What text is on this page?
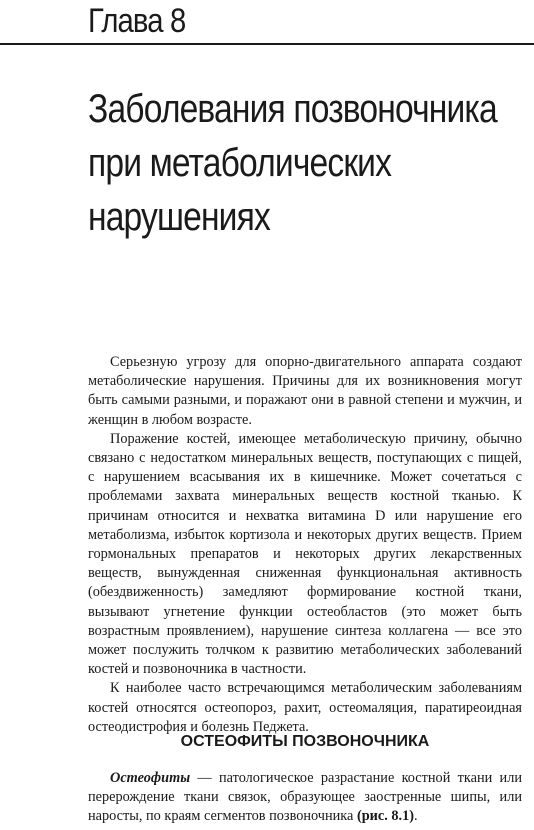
Глава 8
Заболевания позвоночника
при метаболических
нарушениях

Серьезную угрозу для опорно-двигательного аппарата создают метаболические нарушения. Причины для их возникновения могут быть самыми разными, и поражают они в равной степени и мужчин, и женщин в любом возрасте.

Поражение костей, имеющее метаболическую причину, обычно связано с недостатком минеральных веществ, поступающих с пищей, с нарушением всасывания их в кишечнике. Может сочетаться с проблемами захвата минеральных веществ костной тканью. К причинам относится и нехватка витамина D или нарушение его метаболизма, избыток кортизола и некоторых других веществ. Прием гормональных препаратов и некоторых других лекарственных веществ, вынужденная сниженная функциональная активность (обездвиженность) замедляют формирование костной ткани, вызывают угнетение функции остеобластов (это может быть возрастным проявлением), нарушение синтеза коллагена — все это может послужить толчком к развитию метаболических заболеваний костей и позвоночника в частности.

К наиболее часто встречающимся метаболическим заболеваниям костей относятся остеопороз, рахит, остеомаляция, паратиреоидная остеодистрофия и болезнь Педжета.

ОСТЕОФИТЫ ПОЗВОНОЧНИКА

Остеофиты — патологическое разрастание костной ткани или перерождение ткани связок, образующее заостренные шипы, или наросты, по краям сегментов позвоночника (рис. 8.1).
